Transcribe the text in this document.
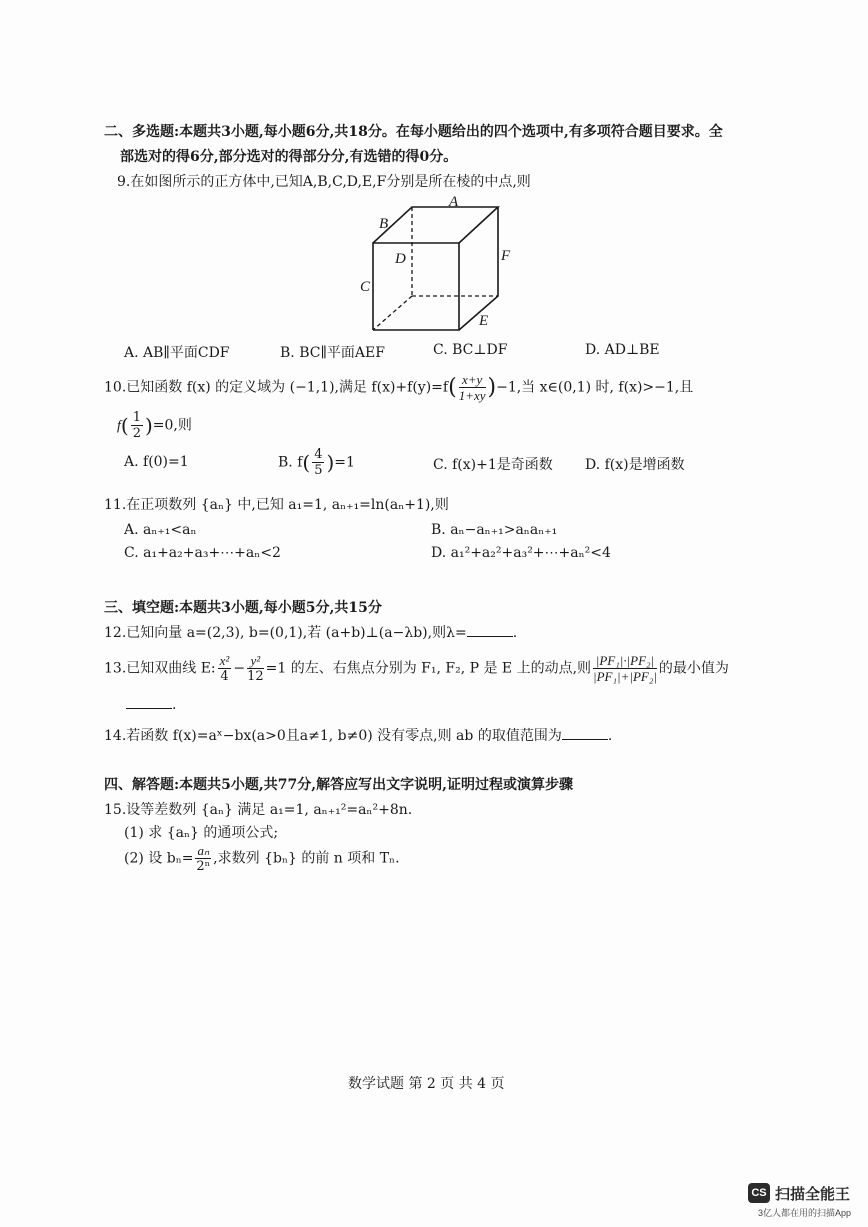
二、多选题:本题共3小题,每小题6分,共18分。在每小题给出的四个选项中,有多项符合题目要求。全
部选对的得6分,部分选对的得部分分,有选错的得0分。
9.在如图所示的正方体中,已知A,B,C,D,E,F分别是所在棱的中点,则
A
B
C
D
E
F
A. AB∥平面CDF	B. BC∥平面AEF	C. BC⊥DF	D. AD⊥BE
10.已知函数 f(x) 的定义域为 (−1,1),满足 $f(x)+f(y)=f( \frac{x+y}{1+xy} )-1$,当 x∈(0,1) 时, f(x)>−1,且
$f( \frac{1}{2} )=0$,则
A. f(0)=1	B. $f( \frac{4}{5} )=1$	C. f(x)+1是奇函数 D. f(x)是增函数
11.在正项数列 {aₙ} 中,已知 a₁=1, aₙ₊₁=ln(aₙ+1),则
A. aₙ₊₁<aₙ	B. aₙ−aₙ₊₁>aₙaₙ₊₁
C. a₁+a₂+a₃+⋯+aₙ<2	D. a₁²+a₂²+a₃²+⋯+aₙ²<4
三、填空题:本题共3小题,每小题5分,共15分
12.已知向量 a=(2,3), b=(0,1),若 (a+b)⊥(a−λb),则λ=	.
13.已知双曲线 E: $\frac{\text{x²}}{4} - \frac{\text{y²}}{12} =1$ 的左、右焦点分别为 F₁, F₂, P 是 E 上的动点,则 $\frac{\text{|PF₁|·|PF₂|}}{\text{|PF₁|+|PF₂|}}$ 的最小值为
.
14.若函数 f(x)=aˣ−bx(a>0且a≠1, b≠0) 没有零点,则 ab 的取值范围为	.
四、解答题:本题共5小题,共77分,解答应写出文字说明,证明过程或演算步骤
15.设等差数列 {aₙ} 满足 a₁=1, aₙ₊₁²=aₙ²+8n.
(1) 求 {aₙ} 的通项公式;
(2) 设 $b_n= \frac{\text{aₙ}}{\text{2ⁿ}}$ ,求数列 {bₙ} 的前 n 项和 Tₙ.
数学试题 第 2 页 共 4 页
CS 扫描全能王
3亿人都在用的扫描App
